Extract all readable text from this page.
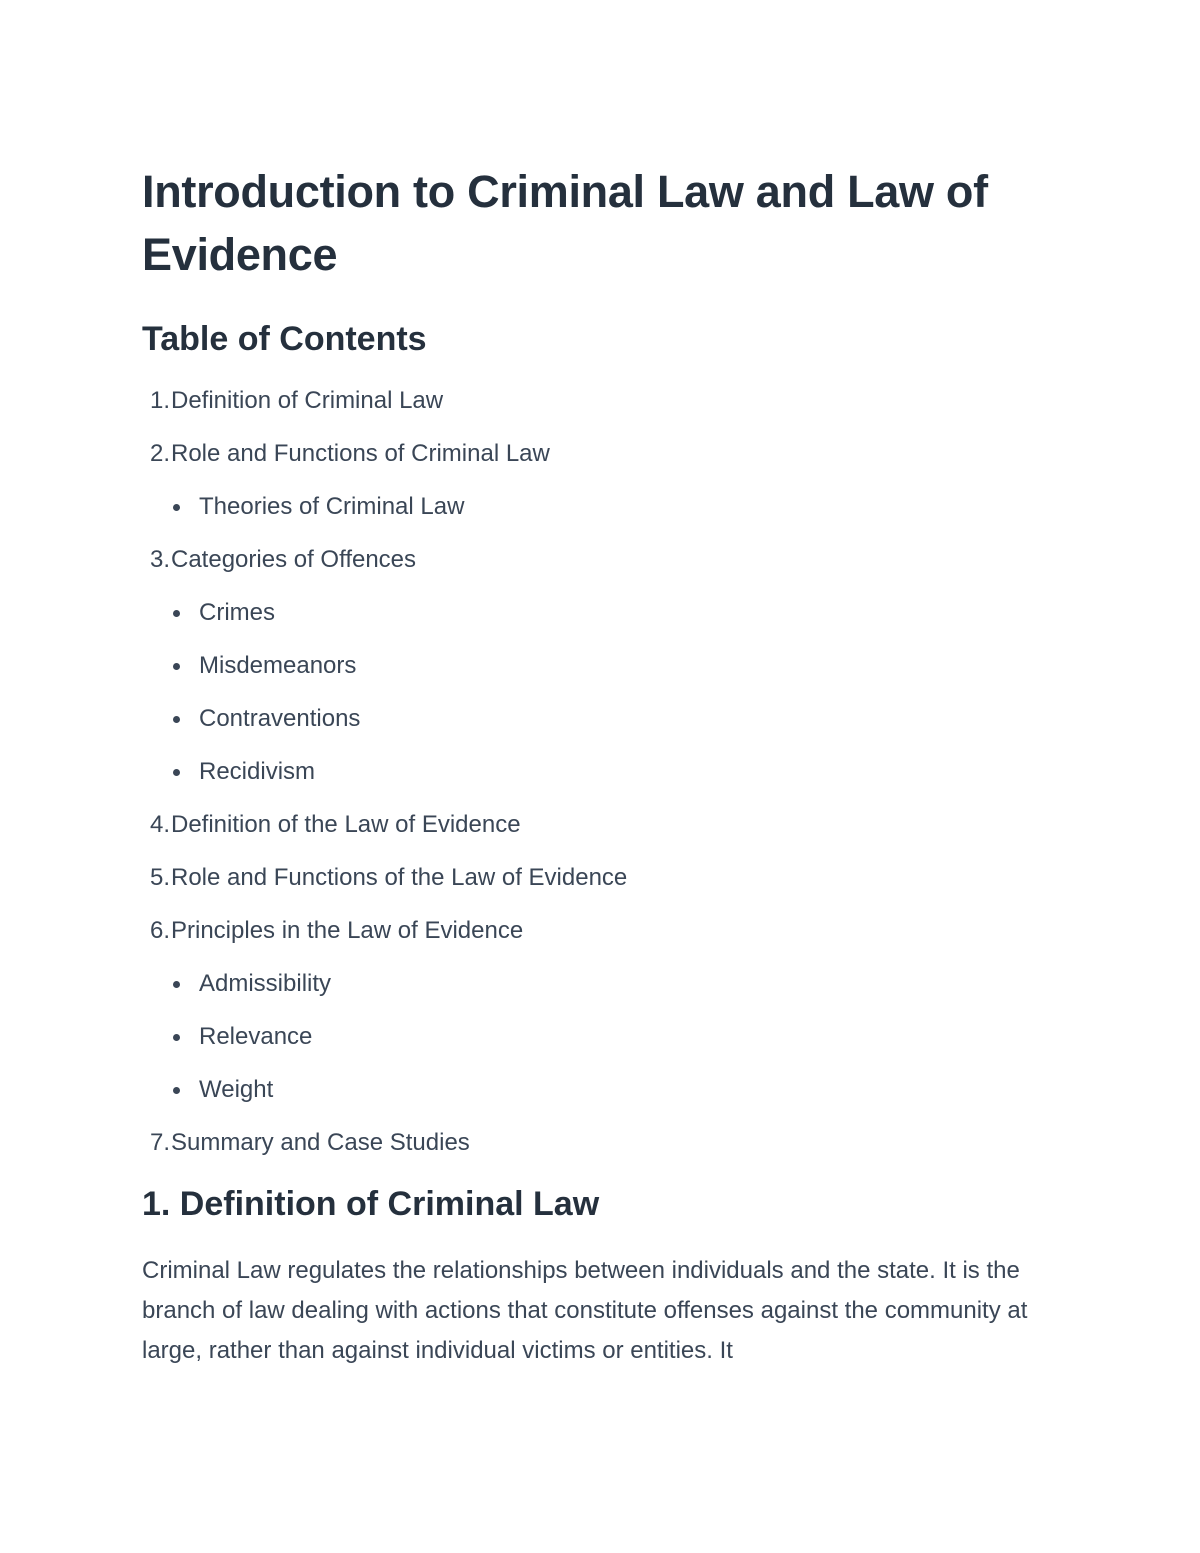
Introduction to Criminal Law and Law of Evidence
Table of Contents
1. Definition of Criminal Law
2. Role and Functions of Criminal Law
Theories of Criminal Law
3. Categories of Offences
Crimes
Misdemeanors
Contraventions
Recidivism
4. Definition of the Law of Evidence
5. Role and Functions of the Law of Evidence
6. Principles in the Law of Evidence
Admissibility
Relevance
Weight
7. Summary and Case Studies
1. Definition of Criminal Law

Criminal Law regulates the relationships between individuals and the state. It is the branch of law dealing with actions that constitute offenses against the community at large, rather than against individual victims or entities. It
